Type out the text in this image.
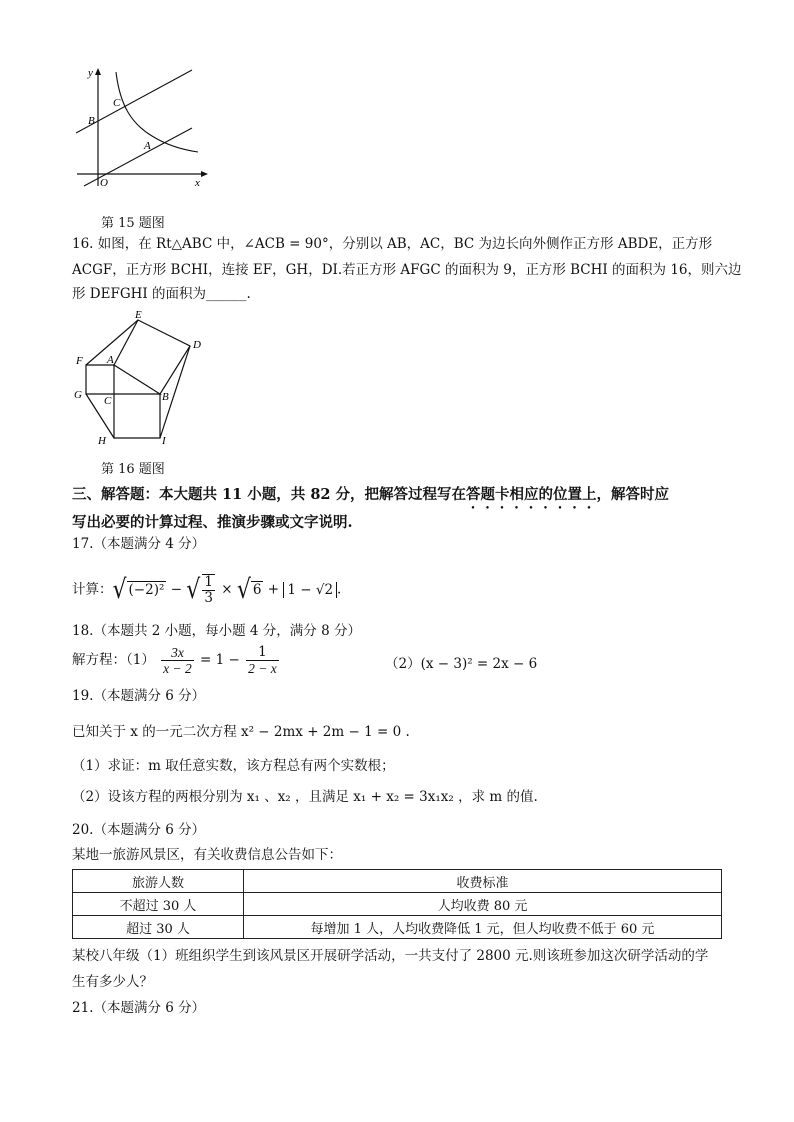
y
x
O
B
C
A
第 15 题图
16. 如图，在 Rt△ABC 中，∠ACB = 90°，分别以 AB，AC，BC 为边长向外侧作正方形 ABDE，正方形
ACGF，正方形 BCHI，连接 EF，GH，DI.若正方形 AFGC 的面积为 9，正方形 BCHI 的面积为 16，则六边
形 DEFGHI 的面积为______.
E
D
F A
G C	B
H	I
第 16 题图
三、解答题：本大题共 11 小题，共 82 分，把解答过程写在答题卡相应的位置上，解答时应
写出必要的计算过程、推演步骤或文字说明.
17.（本题满分 4 分）
计算：√ (−2)² − √ $\frac{1}{3}$ × √ 6 + 1 − √2 .
18.（本题共 2 小题，每小题 4 分，满分 8 分）
解方程：$(1) \frac{3x}{x - 2} = 1 - \frac{1}{2 - x}$	（2）(x − 3)² = 2x − 6
19.（本题满分 6 分）
已知关于 x 的一元二次方程 x² − 2mx + 2m − 1 = 0 .
（1）求证：m 取任意实数，该方程总有两个实数根；
（2）设该方程的两根分别为 x₁ 、x₂ ，且满足 x₁ + x₂ = 3x₁x₂ ，求 m 的值.
20.（本题满分 6 分）
某地一旅游风景区，有关收费信息公告如下：
旅游人数	收费标准
不超过 30 人	人均收费 80 元
超过 30 人	每增加 1 人，人均收费降低 1 元，但人均收费不低于 60 元
某校八年级（1）班组织学生到该风景区开展研学活动，一共支付了 2800 元.则该班参加这次研学活动的学
生有多少人？
21.（本题满分 6 分）
